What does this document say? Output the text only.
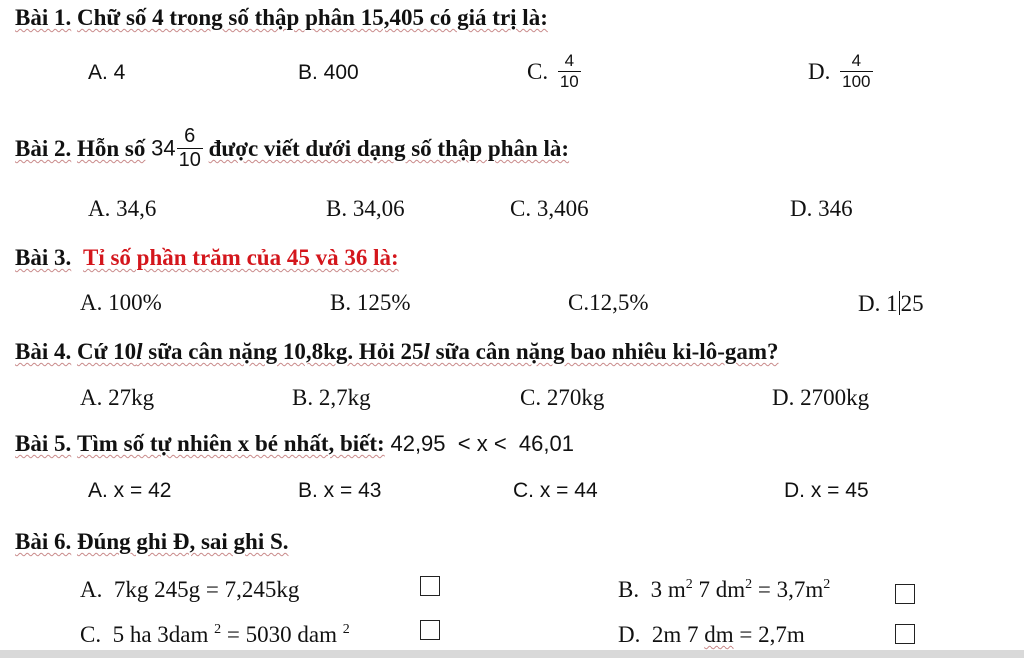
Bài 1. Chữ số 4 trong số thập phân 15,405 có giá trị là:
A. 4	B. 400	C. $\frac{4}{10}$	D. $\frac{4}{100}$
Bài 2. Hỗn số $34 \frac{6}{10}$ được viết dưới dạng số thập phân là:
A. 34,6	B. 34,06	C. 3,406	D. 346
Bài 3. Tỉ số phần trăm của 45 và 36 là:
A. 100%	B. 125%	C.12,5%	D. 1 25
Bài 4. Cứ 10l sữa cân nặng 10,8kg. Hỏi 25l sữa cân nặng bao nhiêu ki-lô-gam?
A. 27kg	B. 2,7kg	C. 270kg	D. 2700kg
Bài 5. Tìm số tự nhiên x bé nhất, biết: 42,95  < x <  46,01
A. x = 42	B. x = 43	C. x = 44	D. x = 45
Bài 6. Đúng ghi Đ, sai ghi S.
A.  7kg 245g = 7,245kg	B.  3 $m^2$ 7 $dm^2 = 3,7m^2$
C.  5 ha 3dam $^2$ = 5030 dam $^2$	D.  2m 7 dm = 2,7m
